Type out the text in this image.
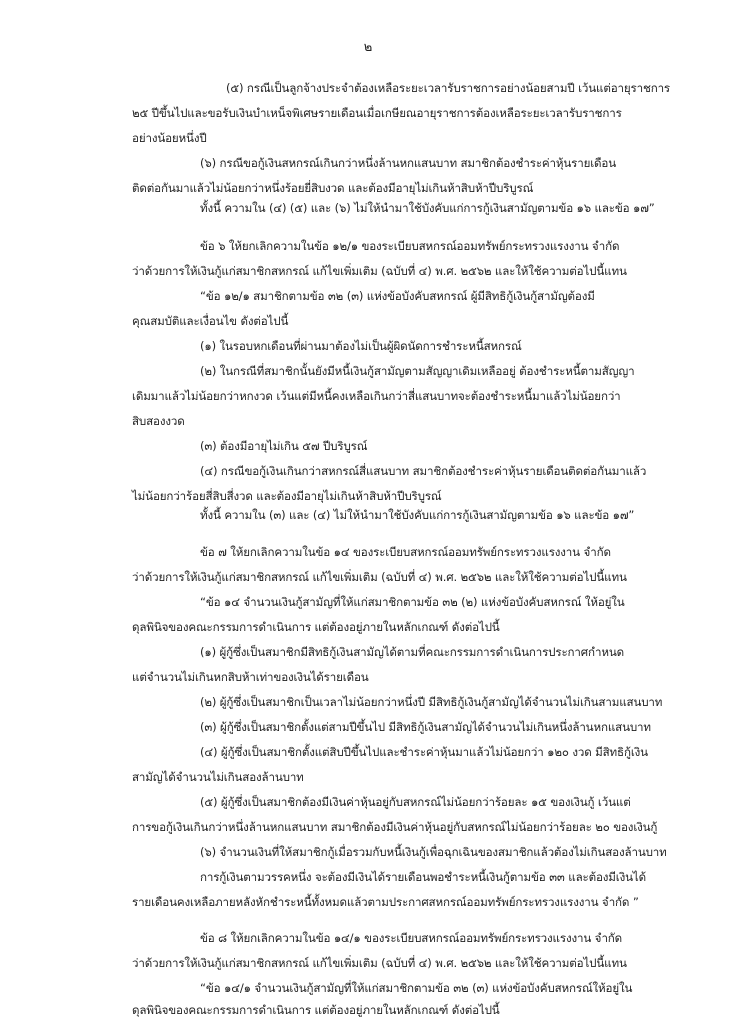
๒
(๕) กรณีเป็นลูกจ้างประจำต้องเหลือระยะเวลารับราชการอย่างน้อยสามปี เว้นแต่อายุราชการ
๒๕ ปีขึ้นไปและขอรับเงินบำเหน็จพิเศษรายเดือนเมื่อเกษียณอายุราชการต้องเหลือระยะเวลารับราชการ
อย่างน้อยหนึ่งปี
(๖) กรณีขอกู้เงินสหกรณ์เกินกว่าหนึ่งล้านหกแสนบาท สมาชิกต้องชำระค่าหุ้นรายเดือน
ติดต่อกันมาแล้วไม่น้อยกว่าหนึ่งร้อยยี่สิบงวด และต้องมีอายุไม่เกินห้าสิบห้าปีบริบูรณ์
ทั้งนี้ ความใน (๔) (๕) และ (๖) ไม่ให้นำมาใช้บังคับแก่การกู้เงินสามัญตามข้อ ๑๖ และข้อ ๑๗”
ข้อ ๖ ให้ยกเลิกความในข้อ ๑๒/๑ ของระเบียบสหกรณ์ออมทรัพย์กระทรวงแรงงาน จำกัด
ว่าด้วยการให้เงินกู้แก่สมาชิกสหกรณ์ แก้ไขเพิ่มเติม (ฉบับที่ ๔) พ.ศ. ๒๕๖๒ และให้ใช้ความต่อไปนี้แทน
“ข้อ ๑๒/๑ สมาชิกตามข้อ ๓๒ (๓) แห่งข้อบังคับสหกรณ์ ผู้มีสิทธิกู้เงินกู้สามัญต้องมี
คุณสมบัติและเงื่อนไข ดังต่อไปนี้
(๑) ในรอบหกเดือนที่ผ่านมาต้องไม่เป็นผู้ผิดนัดการชำระหนี้สหกรณ์
(๒) ในกรณีที่สมาชิกนั้นยังมีหนี้เงินกู้สามัญตามสัญญาเดิมเหลืออยู่ ต้องชำระหนี้ตามสัญญา
เดิมมาแล้วไม่น้อยกว่าหกงวด เว้นแต่มีหนี้คงเหลือเกินกว่าสี่แสนบาทจะต้องชำระหนี้มาแล้วไม่น้อยกว่า
สิบสองงวด
(๓) ต้องมีอายุไม่เกิน ๕๗ ปีบริบูรณ์
(๔) กรณีขอกู้เงินเกินกว่าสหกรณ์สี่แสนบาท สมาชิกต้องชำระค่าหุ้นรายเดือนติดต่อกันมาแล้ว
ไม่น้อยกว่าร้อยสี่สิบสี่งวด และต้องมีอายุไม่เกินห้าสิบห้าปีบริบูรณ์
ทั้งนี้ ความใน (๓) และ (๔) ไม่ให้นำมาใช้บังคับแก่การกู้เงินสามัญตามข้อ ๑๖ และข้อ ๑๗”
ข้อ ๗ ให้ยกเลิกความในข้อ ๑๔ ของระเบียบสหกรณ์ออมทรัพย์กระทรวงแรงงาน จำกัด
ว่าด้วยการให้เงินกู้แก่สมาชิกสหกรณ์ แก้ไขเพิ่มเติม (ฉบับที่ ๔) พ.ศ. ๒๕๖๒ และให้ใช้ความต่อไปนี้แทน
“ข้อ ๑๔ จำนวนเงินกู้สามัญที่ให้แก่สมาชิกตามข้อ ๓๒ (๒) แห่งข้อบังคับสหกรณ์ ให้อยู่ใน
ดุลพินิจของคณะกรรมการดำเนินการ แต่ต้องอยู่ภายในหลักเกณฑ์ ดังต่อไปนี้
(๑) ผู้กู้ซึ่งเป็นสมาชิกมีสิทธิกู้เงินสามัญได้ตามที่คณะกรรมการดำเนินการประกาศกำหนด
แต่จำนวนไม่เกินหกสิบห้าเท่าของเงินได้รายเดือน
(๒) ผู้กู้ซึ่งเป็นสมาชิกเป็นเวลาไม่น้อยกว่าหนึ่งปี มีสิทธิกู้เงินกู้สามัญได้จำนวนไม่เกินสามแสนบาท
(๓) ผู้กู้ซึ่งเป็นสมาชิกตั้งแต่สามปีขึ้นไป มีสิทธิกู้เงินสามัญได้จำนวนไม่เกินหนึ่งล้านหกแสนบาท
(๔) ผู้กู้ซึ่งเป็นสมาชิกตั้งแต่สิบปีขึ้นไปและชำระค่าหุ้นมาแล้วไม่น้อยกว่า ๑๒๐ งวด มีสิทธิกู้เงิน
สามัญได้จำนวนไม่เกินสองล้านบาท
(๕) ผู้กู้ซึ่งเป็นสมาชิกต้องมีเงินค่าหุ้นอยู่กับสหกรณ์ไม่น้อยกว่าร้อยละ ๑๕ ของเงินกู้ เว้นแต่
การขอกู้เงินเกินกว่าหนึ่งล้านหกแสนบาท สมาชิกต้องมีเงินค่าหุ้นอยู่กับสหกรณ์ไม่น้อยกว่าร้อยละ ๒๐ ของเงินกู้
(๖) จำนวนเงินที่ให้สมาชิกกู้เมื่อรวมกับหนี้เงินกู้เพื่อฉุกเฉินของสมาชิกแล้วต้องไม่เกินสองล้านบาท
การกู้เงินตามวรรคหนึ่ง จะต้องมีเงินได้รายเดือนพอชำระหนี้เงินกู้ตามข้อ ๓๓ และต้องมีเงินได้
รายเดือนคงเหลือภายหลังหักชำระหนี้ทั้งหมดแล้วตามประกาศสหกรณ์ออมทรัพย์กระทรวงแรงงาน จำกัด ”
ข้อ ๘ ให้ยกเลิกความในข้อ ๑๔/๑ ของระเบียบสหกรณ์ออมทรัพย์กระทรวงแรงงาน จำกัด
ว่าด้วยการให้เงินกู้แก่สมาชิกสหกรณ์ แก้ไขเพิ่มเติม (ฉบับที่ ๔) พ.ศ. ๒๕๖๒ และให้ใช้ความต่อไปนี้แทน
“ข้อ ๑๔/๑ จำนวนเงินกู้สามัญที่ให้แก่สมาชิกตามข้อ ๓๒ (๓) แห่งข้อบังคับสหกรณ์ให้อยู่ใน
ดุลพินิจของคณะกรรมการดำเนินการ แต่ต้องอยู่ภายในหลักเกณฑ์ ดังต่อไปนี้
